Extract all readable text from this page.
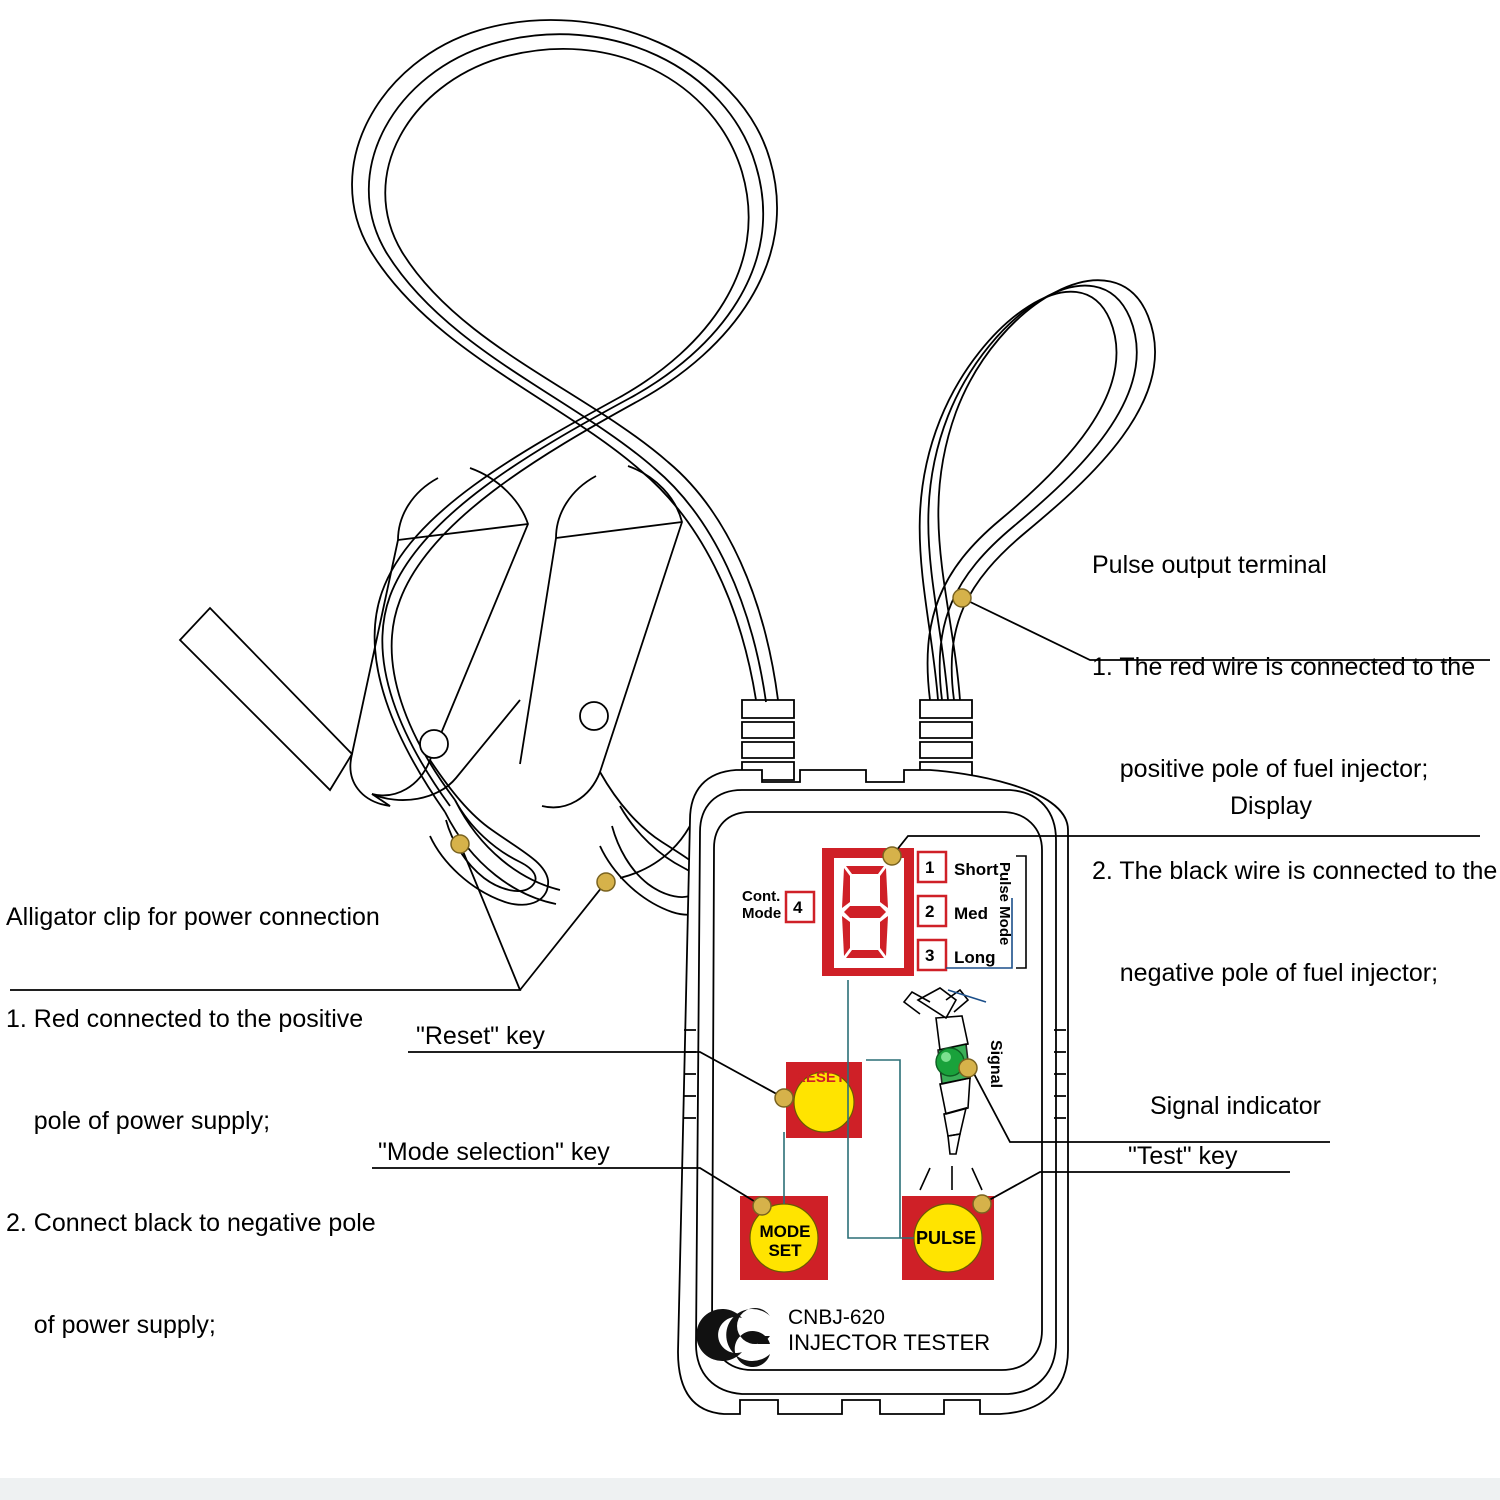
Pulse output terminal

1. The red wire is connected to the

positive pole of fuel injector;

2. The black wire is connected to the

negative pole of fuel injector;

Alligator clip for power connection

1. Red connected to the positive

pole of power supply;

2. Connect black to negative pole

of power supply;

Display
"Reset" key
"Mode selection" key	"Test" key
Signal indicator
Cont.
Mode 4
1
2
3
Short
Med
Long
Pulse Mode
Signal
RESET
MODE
SET
PULSE
CNBJ-620
INJECTOR TESTER
